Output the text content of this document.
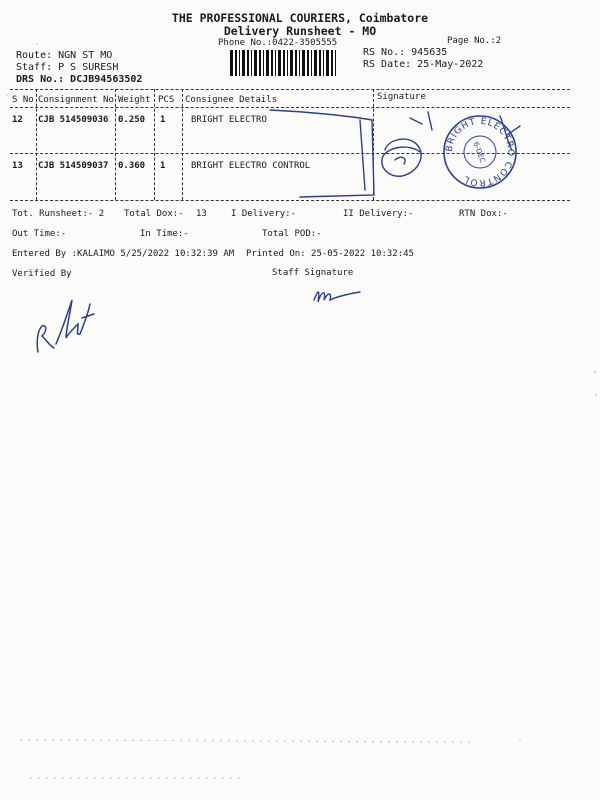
THE PROFESSIONAL COURIERS, Coimbatore
Delivery Runsheet - MO
Phone No.:0422-3505555	Page No.:2
Route: NGN ST MO
Staff: P S SURESH
DRS No.: DCJB94563502
RS No.: 945635
RS Date: 25-May-2022
S No Consignment No Weight PCS Consignee Details	Signature
12 CJB 514509036 0.250 1	BRIGHT ELECTRO
13 CJB 514509037 0.360 1	BRIGHT ELECTRO CONTROL
Tot. Runsheet:- 2 Total Dox:- 13	I Delivery:-	II Delivery:-	RTN Dox:-
Out Time:-	In Time:-	Total POD:-
Entered By :KALAIMO 5/25/2022 10:32:39 AM Printed On: 25-05-2022 10:32:45
Verified By	Staff Signature
BRIGHT ELECTRO CONTROL
6-DEC
